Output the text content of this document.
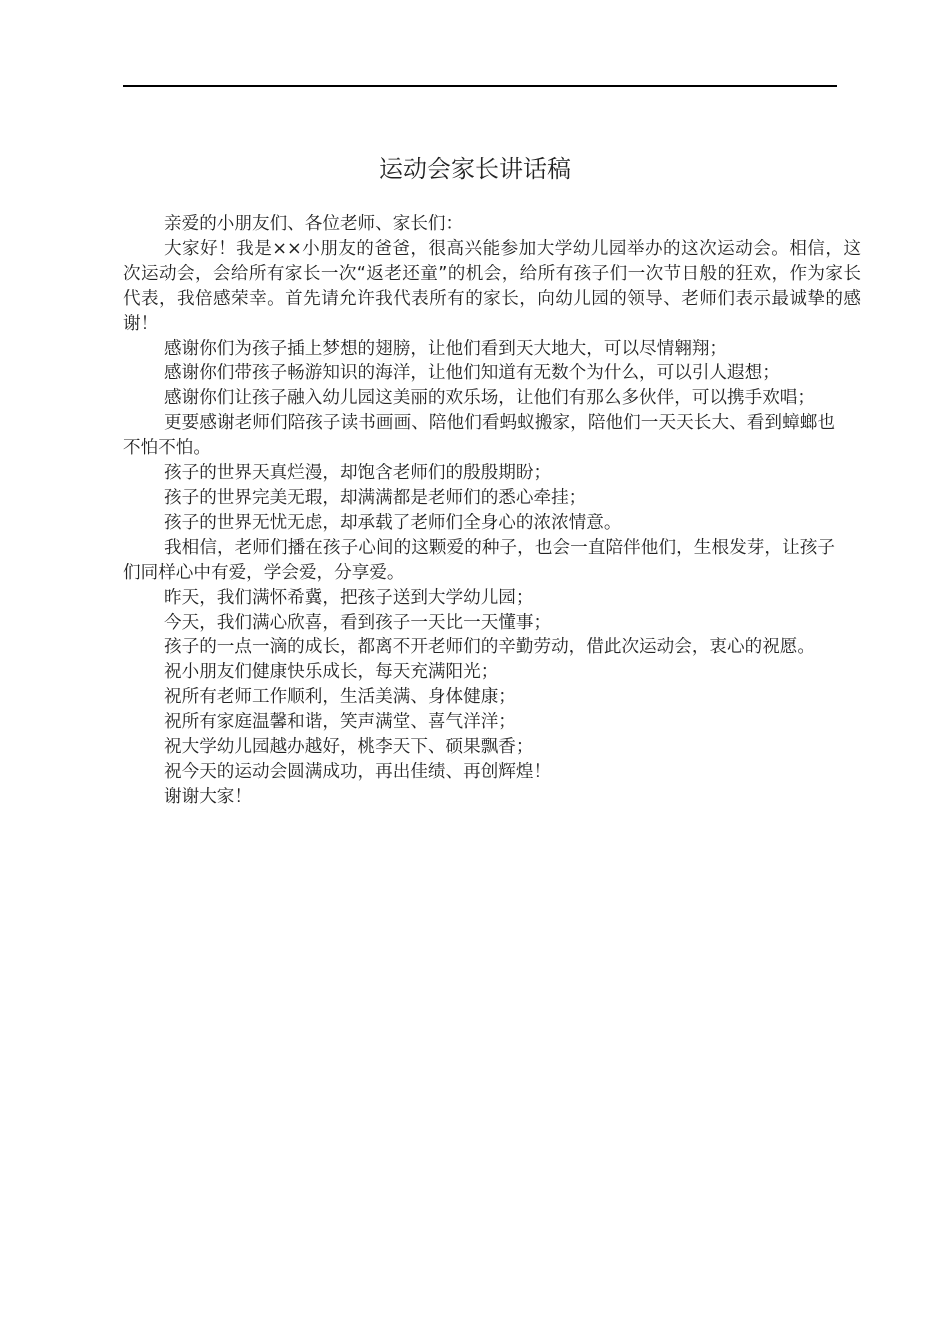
运动会家长讲话稿

亲爱的小朋友们、各位老师、家长们：

大家好！我是××小朋友的爸爸，很高兴能参加大学幼儿园举办的这次运动会。相信，这次运动会，会给所有家长一次“返老还童”的机会，给所有孩子们一次节日般的狂欢，作为家长代表，我倍感荣幸。首先请允许我代表所有的家长，向幼儿园的领导、老师们表示最诚挚的感谢！

感谢你们为孩子插上梦想的翅膀，让他们看到天大地大，可以尽情翱翔；

感谢你们带孩子畅游知识的海洋，让他们知道有无数个为什么，可以引人遐想；

感谢你们让孩子融入幼儿园这美丽的欢乐场，让他们有那么多伙伴，可以携手欢唱；

更要感谢老师们陪孩子读书画画、陪他们看蚂蚁搬家，陪他们一天天长大、看到蟑螂也不怕不怕。

孩子的世界天真烂漫，却饱含老师们的殷殷期盼；

孩子的世界完美无瑕，却满满都是老师们的悉心牵挂；

孩子的世界无忧无虑，却承载了老师们全身心的浓浓情意。

我相信，老师们播在孩子心间的这颗爱的种子，也会一直陪伴他们，生根发芽，让孩子们同样心中有爱，学会爱，分享爱。

昨天，我们满怀希冀，把孩子送到大学幼儿园；

今天，我们满心欣喜，看到孩子一天比一天懂事；

孩子的一点一滴的成长，都离不开老师们的辛勤劳动，借此次运动会，衷心的祝愿。

祝小朋友们健康快乐成长，每天充满阳光；

祝所有老师工作顺利，生活美满、身体健康；

祝所有家庭温馨和谐，笑声满堂、喜气洋洋；

祝大学幼儿园越办越好，桃李天下、硕果飘香；

祝今天的运动会圆满成功，再出佳绩、再创辉煌！

谢谢大家！
